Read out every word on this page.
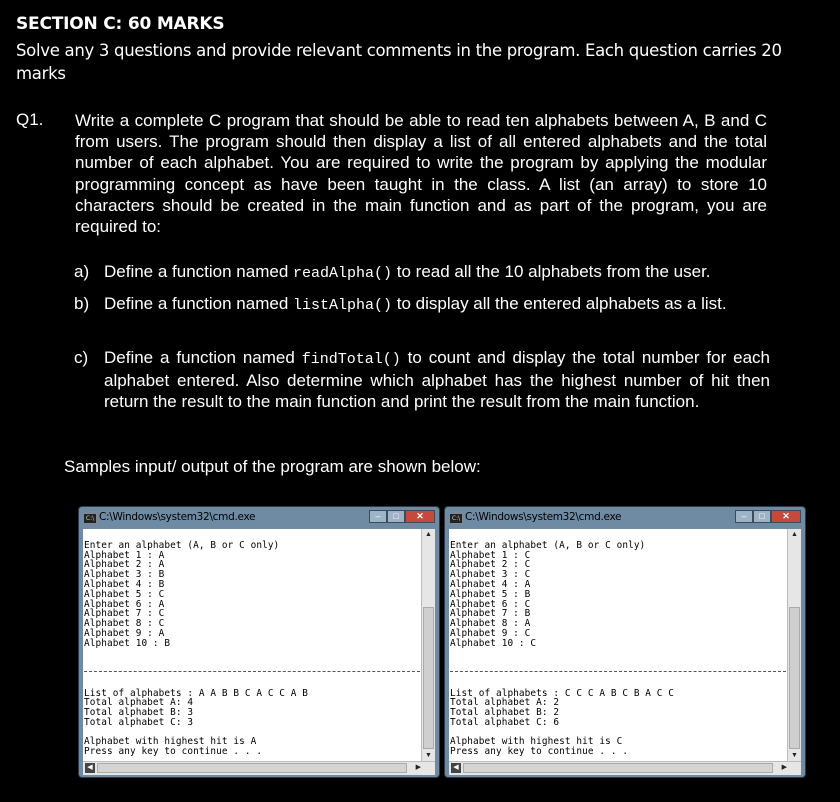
SECTION C: 60 MARKS
Solve any 3 questions and provide relevant comments in the program. Each question carries 20 marks
Q1. Write a complete C program that should be able to read ten alphabets between A, B and C from users. The program should then display a list of all entered alphabets and the total number of each alphabet. You are required to write the program by applying the modular programming concept as have been taught in the class. A list (an array) to store 10 characters should be created in the main function and as part of the program, you are required to:
a) Define a function named readAlpha() to read all the 10 alphabets from the user.
b) Define a function named listAlpha() to display all the entered alphabets as a list.
c) Define a function named findTotal() to count and display the total number for each alphabet entered. Also determine which alphabet has the highest number of hit then return the result to the main function and print the result from the main function.
Samples input/ output of the program are shown below:
C:\ C:\Windows\system32\cmd.exe	–	□	✕

Enter an alphabet (A, B or C only)
Alphabet 1 : A
Alphabet 2 : A
Alphabet 3 : B
Alphabet 4 : B
Alphabet 5 : C
Alphabet 6 : A
Alphabet 7 : C
Alphabet 8 : C
Alphabet 9 : A
Alphabet 10 : B
List of alphabets : A A B B C A C C A B
Total alphabet A: 4
Total alphabet B: 3
Total alphabet C: 3
Alphabet with highest hit is A
Press any key to continue . . .
▲
▼
◀	▶
C:\ C:\Windows\system32\cmd.exe	–	□	✕

Enter an alphabet (A, B or C only)
Alphabet 1 : C
Alphabet 2 : C
Alphabet 3 : C
Alphabet 4 : A
Alphabet 5 : B
Alphabet 6 : C
Alphabet 7 : B
Alphabet 8 : A
Alphabet 9 : C
Alphabet 10 : C
List of alphabets : C C C A B C B A C C
Total alphabet A: 2
Total alphabet B: 2
Total alphabet C: 6
Alphabet with highest hit is C
Press any key to continue . . .
▲
▼
◀	▶
